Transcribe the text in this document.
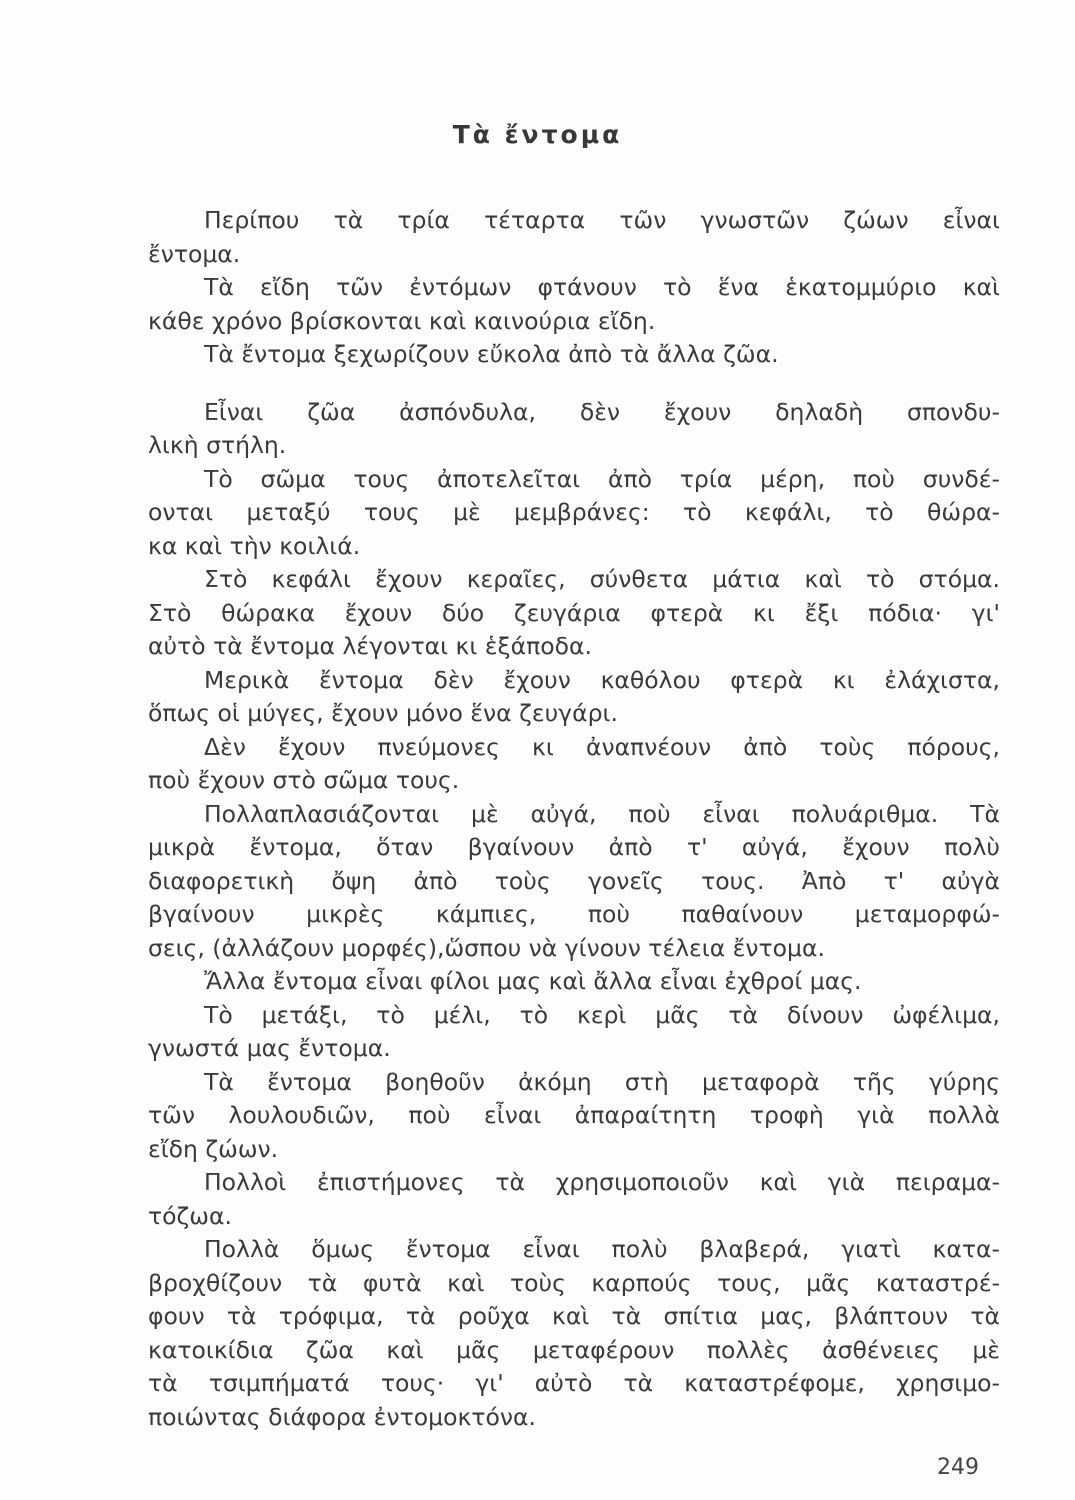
Τὰ ἔντομα
Περίπου τὰ τρία τέταρτα τῶν γνωστῶν ζώων εἶναι
ἔντομα.
Τὰ εἴδη τῶν ἐντόμων φτάνουν τὸ ἕνα ἑκατομμύριο καὶ
κάθε χρόνο βρίσκονται καὶ καινούρια εἴδη.
Τὰ ἔντομα ξεχωρίζουν εὔκολα ἀπὸ τὰ ἄλλα ζῶα.
Εἶναι ζῶα ἀσπόνδυλα, δὲν ἔχουν δηλαδὴ σπονδυ-
λικὴ στήλη.
Τὸ σῶμα τους ἀποτελεῖται ἀπὸ τρία μέρη, ποὺ συνδέ-
ονται μεταξύ τους μὲ μεμβράνες: τὸ κεφάλι, τὸ θώρα-
κα καὶ τὴν κοιλιά.
Στὸ κεφάλι ἔχουν κεραῖες, σύνθετα μάτια καὶ τὸ στόμα.
Στὸ θώρακα ἔχουν δύο ζευγάρια φτερὰ κι ἔξι πόδια· γι'
αὐτὸ τὰ ἔντομα λέγονται κι ἑξάποδα.
Μερικὰ ἔντομα δὲν ἔχουν καθόλου φτερὰ κι ἐλάχιστα,
ὅπως οἱ μύγες, ἔχουν μόνο ἕνα ζευγάρι.
Δὲν ἔχουν πνεύμονες κι ἀναπνέουν ἀπὸ τοὺς πόρους,
ποὺ ἔχουν στὸ σῶμα τους.
Πολλαπλασιάζονται μὲ αὐγά, ποὺ εἶναι πολυάριθμα. Τὰ
μικρὰ ἔντομα, ὅταν βγαίνουν ἀπὸ τ' αὐγά, ἔχουν πολὺ
διαφορετικὴ ὄψη ἀπὸ τοὺς γονεῖς τους. Ἀπὸ τ' αὐγὰ
βγαίνουν μικρὲς κάμπιες, ποὺ παθαίνουν μεταμορφώ-
σεις, (ἀλλάζουν μορφές),ὥσπου νὰ γίνουν τέλεια ἔντομα.
Ἄλλα ἔντομα εἶναι φίλοι μας καὶ ἄλλα εἶναι ἐχθροί μας.
Τὸ μετάξι, τὸ μέλι, τὸ κερὶ μᾶς τὰ δίνουν ὠφέλιμα,
γνωστά μας ἔντομα.
Τὰ ἔντομα βοηθοῦν ἀκόμη στὴ μεταφορὰ τῆς γύρης
τῶν λουλουδιῶν, ποὺ εἶναι ἀπαραίτητη τροφὴ γιὰ πολλὰ
εἴδη ζώων.
Πολλοὶ ἐπιστήμονες τὰ χρησιμοποιοῦν καὶ γιὰ πειραμα-
τόζωα.
Πολλὰ ὅμως ἔντομα εἶναι πολὺ βλαβερά, γιατὶ κατα-
βροχθίζουν τὰ φυτὰ καὶ τοὺς καρπούς τους, μᾶς καταστρέ-
φουν τὰ τρόφιμα, τὰ ροῦχα καὶ τὰ σπίτια μας, βλάπτουν τὰ
κατοικίδια ζῶα καὶ μᾶς μεταφέρουν πολλὲς ἀσθένειες μὲ
τὰ τσιμπήματά τους· γι' αὐτὸ τὰ καταστρέφομε, χρησιμο-
ποιώντας διάφορα ἐντομοκτόνα.
249
